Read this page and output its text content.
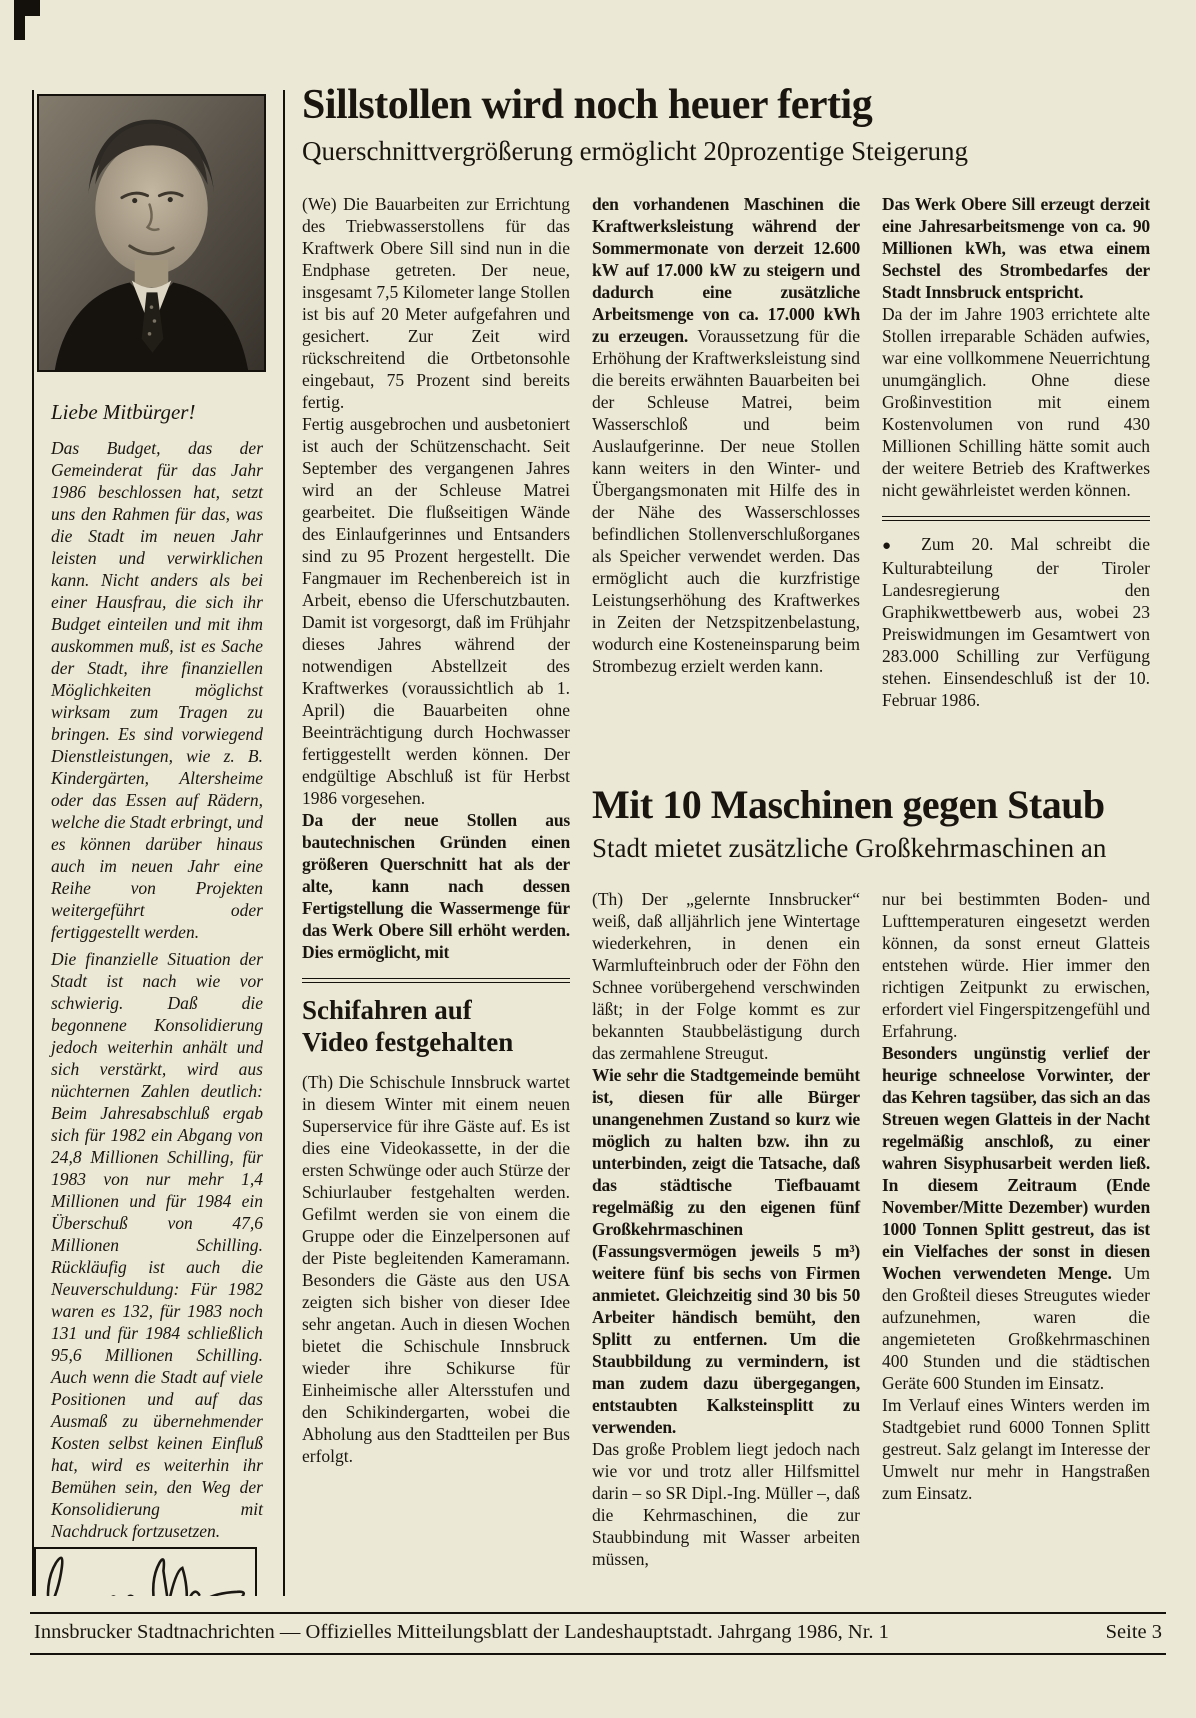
Liebe Mitbürger!

Das Budget, das der Gemeinderat für das Jahr 1986 beschlossen hat, setzt uns den Rahmen für das, was die Stadt im neuen Jahr leisten und verwirklichen kann. Nicht anders als bei einer Hausfrau, die sich ihr Budget einteilen und mit ihm auskommen muß, ist es Sache der Stadt, ihre finanziellen Möglichkeiten möglichst wirksam zum Tragen zu bringen. Es sind vorwiegend Dienstleistungen, wie z. B. Kindergärten, Altersheime oder das Essen auf Rädern, welche die Stadt erbringt, und es können darüber hinaus auch im neuen Jahr eine Reihe von Projekten weitergeführt oder fertiggestellt werden.

Die finanzielle Situation der Stadt ist nach wie vor schwierig. Daß die begonnene Konsolidierung jedoch weiterhin anhält und sich verstärkt, wird aus nüchternen Zahlen deutlich: Beim Jahresabschluß ergab sich für 1982 ein Abgang von 24,8 Millionen Schilling, für 1983 von nur mehr 1,4 Millionen und für 1984 ein Überschuß von 47,6 Millionen Schilling. Rückläufig ist auch die Neuverschuldung: Für 1982 waren es 132, für 1983 noch 131 und für 1984 schließlich 95,6 Millionen Schilling. Auch wenn die Stadt auf viele Positionen und auf das Ausmaß zu übernehmender Kosten selbst keinen Einfluß hat, wird es weiterhin ihr Bemühen sein, den Weg der Konsolidierung mit Nachdruck fortzusetzen.

Sillstollen wird noch heuer fertig
Querschnittvergrößerung ermöglicht 20prozentige Steigerung

(We) Die Bauarbeiten zur Errichtung des Triebwasserstollens für das Kraftwerk Obere Sill sind nun in die Endphase getreten. Der neue, insgesamt 7,5 Kilometer lange Stollen ist bis auf 20 Meter aufgefahren und gesichert. Zur Zeit wird rückschreitend die Ortbetonsohle eingebaut, 75 Prozent sind bereits fertig.

Fertig ausgebrochen und ausbetoniert ist auch der Schützenschacht. Seit September des vergangenen Jahres wird an der Schleuse Matrei gearbeitet. Die flußseitigen Wände des Einlaufgerinnes und Entsanders sind zu 95 Prozent hergestellt. Die Fangmauer im Rechenbereich ist in Arbeit, ebenso die Uferschutzbauten. Damit ist vorgesorgt, daß im Frühjahr dieses Jahres während der notwendigen Abstellzeit des Kraftwerkes (voraussichtlich ab 1. April) die Bauarbeiten ohne Beeinträchtigung durch Hochwasser fertiggestellt werden können. Der endgültige Abschluß ist für Herbst 1986 vorgesehen.

Da der neue Stollen aus bautechnischen Gründen einen größeren Querschnitt hat als der alte, kann nach dessen Fertigstellung die Wassermenge für das Werk Obere Sill erhöht werden. Dies ermöglicht, mit

Schifahren auf
Video festgehalten

(Th) Die Schischule Innsbruck wartet in diesem Winter mit einem neuen Superservice für ihre Gäste auf. Es ist dies eine Videokassette, in der die ersten Schwünge oder auch Stürze der Schiurlauber festgehalten werden. Gefilmt werden sie von einem die Gruppe oder die Einzelpersonen auf der Piste begleitenden Kameramann. Besonders die Gäste aus den USA zeigten sich bisher von dieser Idee sehr angetan. Auch in diesen Wochen bietet die Schischule Innsbruck wieder ihre Schikurse für Einheimische aller Altersstufen und den Schikindergarten, wobei die Abholung aus den Stadtteilen per Bus erfolgt.

den vorhandenen Maschinen die Kraftwerksleistung während der Sommermonate von derzeit 12.600 kW auf 17.000 kW zu steigern und dadurch eine zusätzliche Arbeitsmenge von ca. 17.000 kWh zu erzeugen. Voraussetzung für die Erhöhung der Kraftwerksleistung sind die bereits erwähnten Bauarbeiten bei der Schleuse Matrei, beim Wasserschloß und beim Auslaufgerinne. Der neue Stollen kann weiters in den Winter- und Übergangsmonaten mit Hilfe des in der Nähe des Wasserschlosses befindlichen Stollenverschlußorganes als Speicher verwendet werden. Das ermöglicht auch die kurzfristige Leistungserhöhung des Kraftwerkes in Zeiten der Netzspitzenbelastung, wodurch eine Kosteneinsparung beim Strombezug erzielt werden kann.

Das Werk Obere Sill erzeugt derzeit eine Jahresarbeitsmenge von ca. 90 Millionen kWh, was etwa einem Sechstel des Strombedarfes der Stadt Innsbruck entspricht.

Da der im Jahre 1903 errichtete alte Stollen irreparable Schäden aufwies, war eine vollkommene Neuerrichtung unumgänglich. Ohne diese Großinvestition mit einem Kostenvolumen von rund 430 Millionen Schilling hätte somit auch der weitere Betrieb des Kraftwerkes nicht gewährleistet werden können.

● Zum 20. Mal schreibt die Kulturabteilung der Tiroler Landesregierung den Graphikwettbewerb aus, wobei 23 Preiswidmungen im Gesamtwert von 283.000 Schilling zur Verfügung stehen. Einsendeschluß ist der 10. Februar 1986.

Mit 10 Maschinen gegen Staub
Stadt mietet zusätzliche Großkehrmaschinen an

(Th) Der „gelernte Innsbrucker“ weiß, daß alljährlich jene Wintertage wiederkehren, in denen ein Warmlufteinbruch oder der Föhn den Schnee vorübergehend verschwinden läßt; in der Folge kommt es zur bekannten Staubbelästigung durch das zermahlene Streugut.

Wie sehr die Stadtgemeinde bemüht ist, diesen für alle Bürger unangenehmen Zustand so kurz wie möglich zu halten bzw. ihn zu unterbinden, zeigt die Tatsache, daß das städtische Tiefbauamt regelmäßig zu den eigenen fünf Großkehrmaschinen (Fassungsvermögen jeweils 5 m³) weitere fünf bis sechs von Firmen anmietet. Gleichzeitig sind 30 bis 50 Arbeiter händisch bemüht, den Splitt zu entfernen. Um die Staubbildung zu vermindern, ist man zudem dazu übergegangen, entstaubten Kalksteinsplitt zu verwenden.

Das große Problem liegt jedoch nach wie vor und trotz aller Hilfsmittel darin – so SR Dipl.-Ing. Müller –, daß die Kehrmaschinen, die zur Staubbindung mit Wasser arbeiten müssen,

nur bei bestimmten Boden- und Lufttemperaturen eingesetzt werden können, da sonst erneut Glatteis entstehen würde. Hier immer den richtigen Zeitpunkt zu erwischen, erfordert viel Fingerspitzengefühl und Erfahrung.

Besonders ungünstig verlief der heurige schneelose Vorwinter, der das Kehren tagsüber, das sich an das Streuen wegen Glatteis in der Nacht regelmäßig anschloß, zu einer wahren Sisyphusarbeit werden ließ. In diesem Zeitraum (Ende November/Mitte Dezember) wurden 1000 Tonnen Splitt gestreut, das ist ein Vielfaches der sonst in diesen Wochen verwendeten Menge. Um den Großteil dieses Streugutes wieder aufzunehmen, waren die angemieteten Großkehrmaschinen 400 Stunden und die städtischen Geräte 600 Stunden im Einsatz.

Im Verlauf eines Winters werden im Stadtgebiet rund 6000 Tonnen Splitt gestreut. Salz gelangt im Interesse der Umwelt nur mehr in Hangstraßen zum Einsatz.

Innsbrucker Stadtnachrichten — Offizielles Mitteilungsblatt der Landeshauptstadt. Jahrgang 1986, Nr. 1	Seite 3
